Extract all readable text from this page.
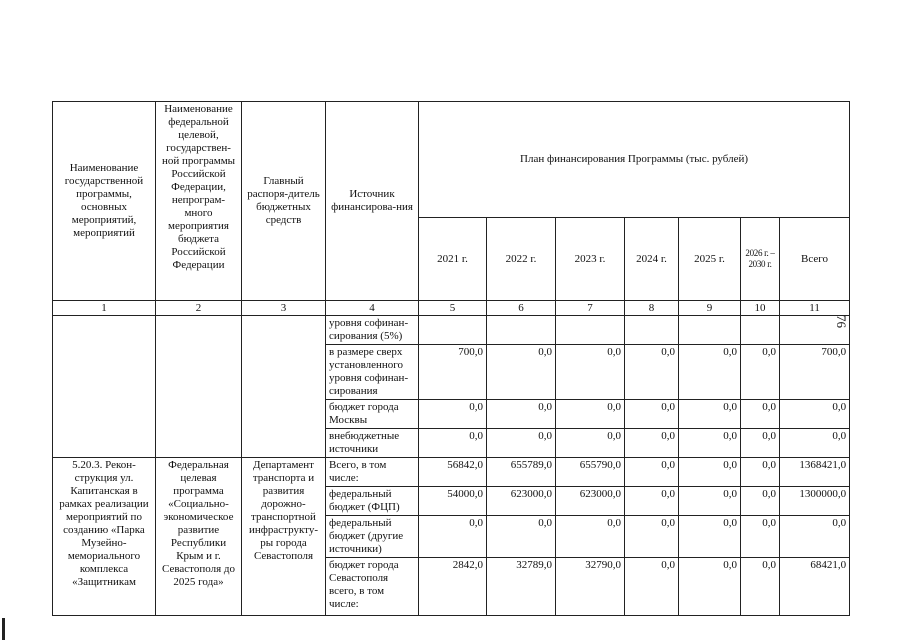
76
Наименование государственной программы, основных мероприятий, мероприятий	Наименование федеральной целевой, государствен-ной программы Российской Федерации, непрограм-много мероприятия бюджета Российской Федерации	Главный распоря-дитель бюджетных средств	Источник финансирова-ния	План финансирования Программы (тыс. рублей)						
				2021 г.	2022 г.	2023 г.	2024 г.	2025 г.	2026 г. – 2030 г.	Всего
1	2	3	4	5	6	7	8	9	10	11
			уровня софинан-сирования (5%)							
			в размере сверх установленного уровня софинан-сирования	700,0	0,0	0,0	0,0	0,0	0,0	700,0
			бюджет города Москвы	0,0	0,0	0,0	0,0	0,0	0,0	0,0
			внебюджетные источники	0,0	0,0	0,0	0,0	0,0	0,0	0,0
5.20.3. Рекон-струкция ул. Капитанская в рамках реализации мероприятий по созданию «Парка Музейно-мемориального комплекса «Защитникам	Федеральная целевая программа «Социально-экономическое развитие Республики Крым и г. Севастополя до 2025 года»	Департамент транспорта и развития дорожно-транспортной инфраструкту-ры города Севастополя	Всего, в том числе:	56842,0	655789,0	655790,0	0,0	0,0	0,0	1368421,0
			федеральный бюджет (ФЦП)	54000,0	623000,0	623000,0	0,0	0,0	0,0	1300000,0
			федеральный бюджет (другие источники)	0,0	0,0	0,0	0,0	0,0	0,0	0,0
			бюджет города Севастополя всего, в том числе:	2842,0	32789,0	32790,0	0,0	0,0	0,0	68421,0
